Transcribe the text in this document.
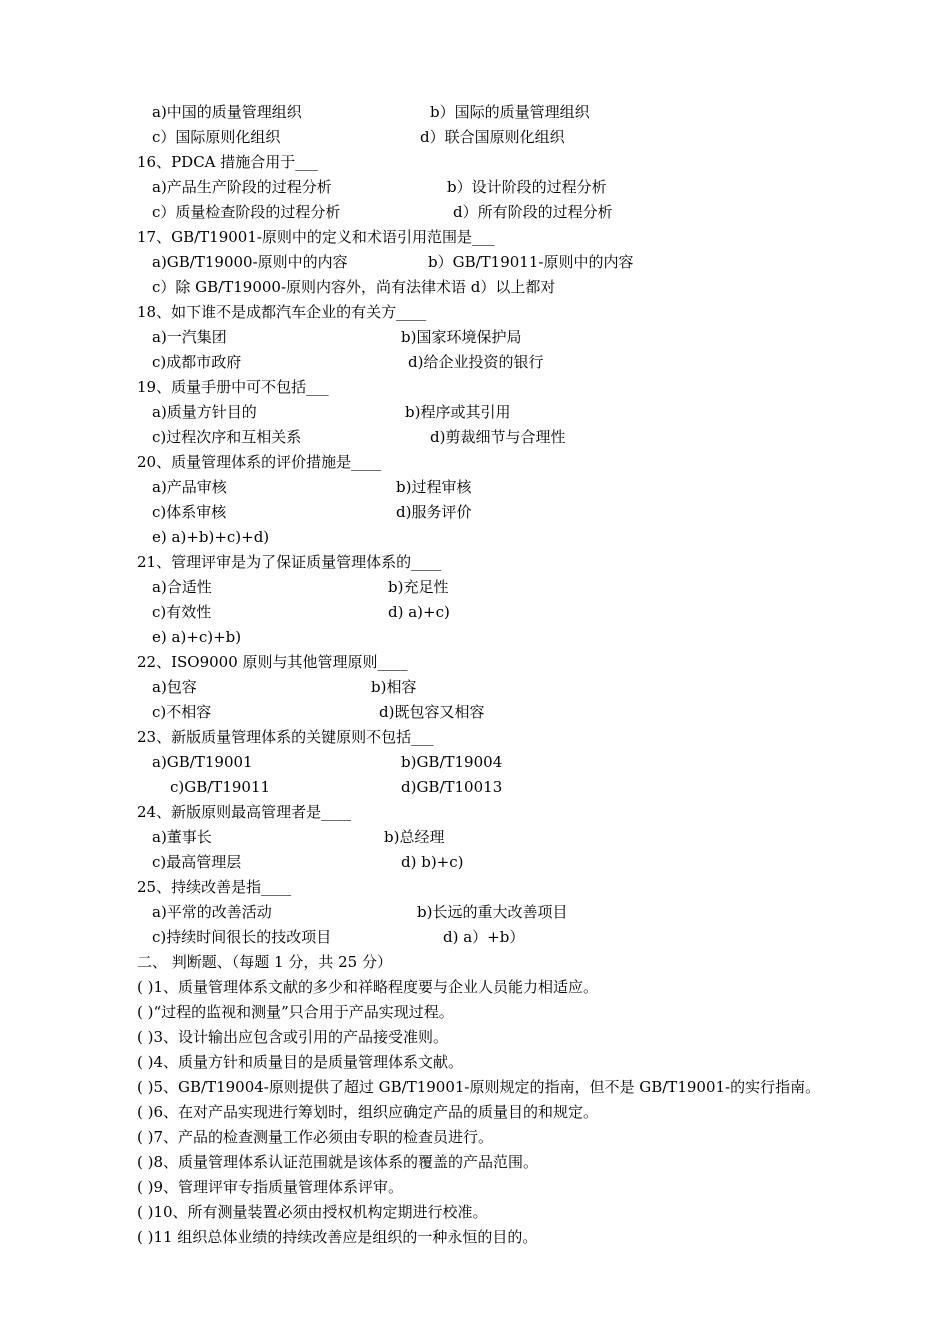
a)中国的质量管理组织	b）国际的质量管理组织
c）国际原则化组织	d）联合国原则化组织
16、PDCA 措施合用于___
a)产品生产阶段的过程分析	b）设计阶段的过程分析
c）质量检查阶段的过程分析	d）所有阶段的过程分析
17、GB/T19001-原则中的定义和术语引用范围是___
a)GB/T19000-原则中的内容	b）GB/T19011-原则中的内容
c）除 GB/T19000-原则内容外，尚有法律术语 d）以上都对
18、如下谁不是成都汽车企业的有关方____
a)一汽集团	b)国家环境保护局
c)成都市政府	d)给企业投资的银行
19、质量手册中可不包括___
a)质量方针目的	b)程序或其引用
c)过程次序和互相关系	d)剪裁细节与合理性
20、质量管理体系的评价措施是____
a)产品审核	b)过程审核
c)体系审核	d)服务评价
e) a)+b)+c)+d)
21、管理评审是为了保证质量管理体系的____
a)合适性	b)充足性
c)有效性	d) a)+c)
e) a)+c)+b)
22、ISO9000 原则与其他管理原则____
a)包容	b)相容
c)不相容	d)既包容又相容
23、新版质量管理体系的关键原则不包括___
a)GB/T19001	b)GB/T19004
c)GB/T19011	d)GB/T10013
24、新版原则最高管理者是____
a)董事长	b)总经理
c)最高管理层	d) b)+c)
25、持续改善是指____
a)平常的改善活动	b)长远的重大改善项目
c)持续时间很长的技改项目	d) a）+b）
二、 判断题、（每题 1 分，共 25 分）
( )1、质量管理体系文献的多少和祥略程度要与企业人员能力相适应。
( )“过程的监视和测量”只合用于产品实现过程。
( )3、设计输出应包含或引用的产品接受准则。
( )4、质量方针和质量目的是质量管理体系文献。
( )5、GB/T19004-原则提供了超过 GB/T19001-原则规定的指南，但不是 GB/T19001-的实行指南。
( )6、在对产品实现进行筹划时，组织应确定产品的质量目的和规定。
( )7、产品的检查测量工作必须由专职的检查员进行。
( )8、质量管理体系认证范围就是该体系的覆盖的产品范围。
( )9、管理评审专指质量管理体系评审。
( )10、所有测量装置必须由授权机构定期进行校准。
( )11 组织总体业绩的持续改善应是组织的一种永恒的目的。
